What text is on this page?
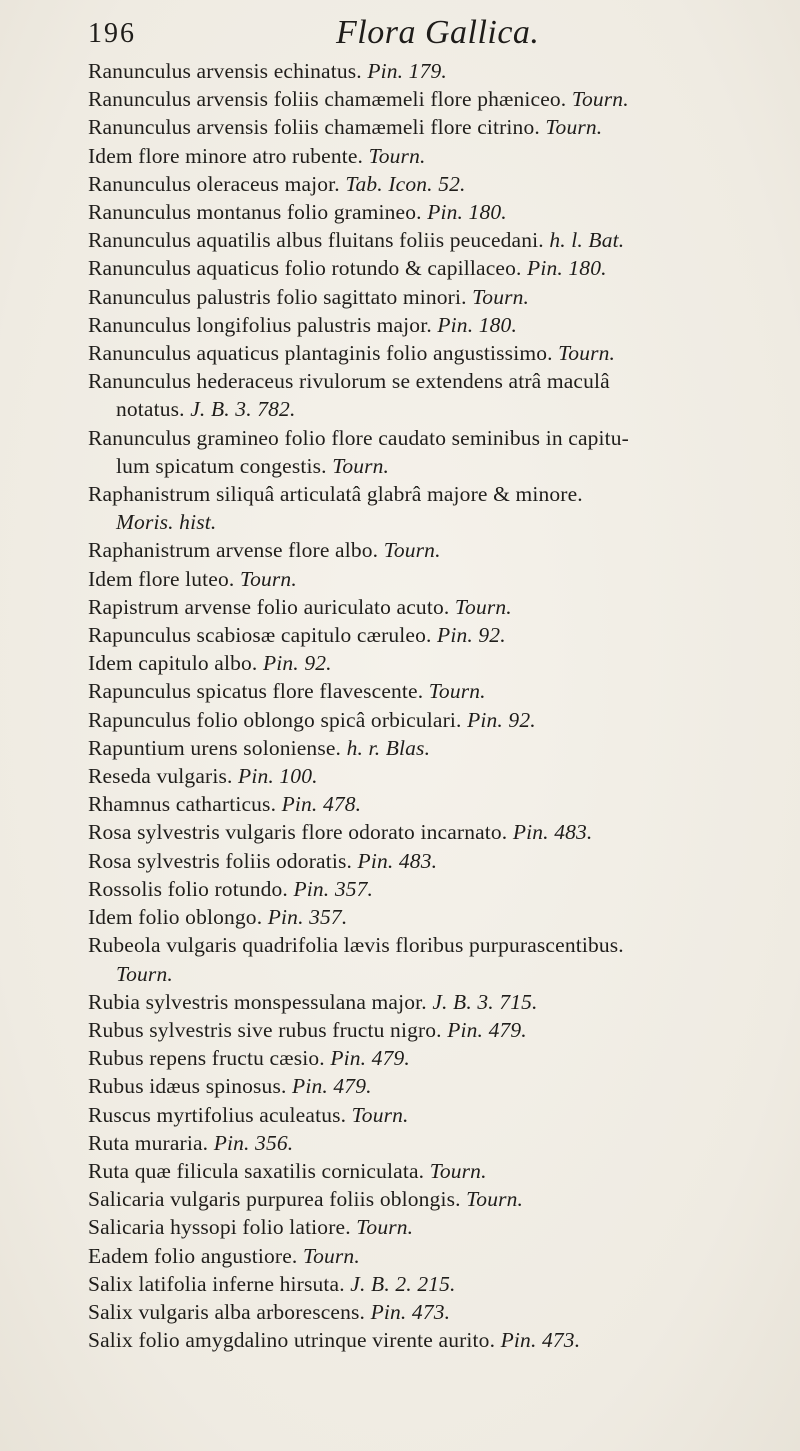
196	Flora Gallica.
Ranunculus arvensis echinatus. Pin. 179.
Ranunculus arvensis foliis chamæmeli flore phæniceo. Tourn.
Ranunculus arvensis foliis chamæmeli flore citrino. Tourn.
Idem flore minore atro rubente. Tourn.
Ranunculus oleraceus major. Tab. Icon. 52.
Ranunculus montanus folio gramineo. Pin. 180.
Ranunculus aquatilis albus fluitans foliis peucedani. h. l. Bat.
Ranunculus aquaticus folio rotundo & capillaceo. Pin. 180.
Ranunculus palustris folio sagittato minori. Tourn.
Ranunculus longifolius palustris major. Pin. 180.
Ranunculus aquaticus plantaginis folio angustissimo. Tourn.
Ranunculus hederaceus rivulorum se extendens atrâ maculâ
notatus. J. B. 3. 782.
Ranunculus gramineo folio flore caudato seminibus in capitu-
lum spicatum congestis. Tourn.
Raphanistrum siliquâ articulatâ glabrâ majore & minore.
Moris. hist.
Raphanistrum arvense flore albo. Tourn.
Idem flore luteo. Tourn.
Rapistrum arvense folio auriculato acuto. Tourn.
Rapunculus scabiosæ capitulo cæruleo. Pin. 92.
Idem capitulo albo. Pin. 92.
Rapunculus spicatus flore flavescente. Tourn.
Rapunculus folio oblongo spicâ orbiculari. Pin. 92.
Rapuntium urens soloniense. h. r. Blas.
Reseda vulgaris. Pin. 100.
Rhamnus catharticus. Pin. 478.
Rosa sylvestris vulgaris flore odorato incarnato. Pin. 483.
Rosa sylvestris foliis odoratis. Pin. 483.
Rossolis folio rotundo. Pin. 357.
Idem folio oblongo. Pin. 357.
Rubeola vulgaris quadrifolia lævis floribus purpurascentibus.
Tourn.
Rubia sylvestris monspessulana major. J. B. 3. 715.
Rubus sylvestris sive rubus fructu nigro. Pin. 479.
Rubus repens fructu cæsio. Pin. 479.
Rubus idæus spinosus. Pin. 479.
Ruscus myrtifolius aculeatus. Tourn.
Ruta muraria. Pin. 356.
Ruta quæ filicula saxatilis corniculata. Tourn.
Salicaria vulgaris purpurea foliis oblongis. Tourn.
Salicaria hyssopi folio latiore. Tourn.
Eadem folio angustiore. Tourn.
Salix latifolia inferne hirsuta. J. B. 2. 215.
Salix vulgaris alba arborescens. Pin. 473.
Salix folio amygdalino utrinque virente aurito. Pin. 473.
